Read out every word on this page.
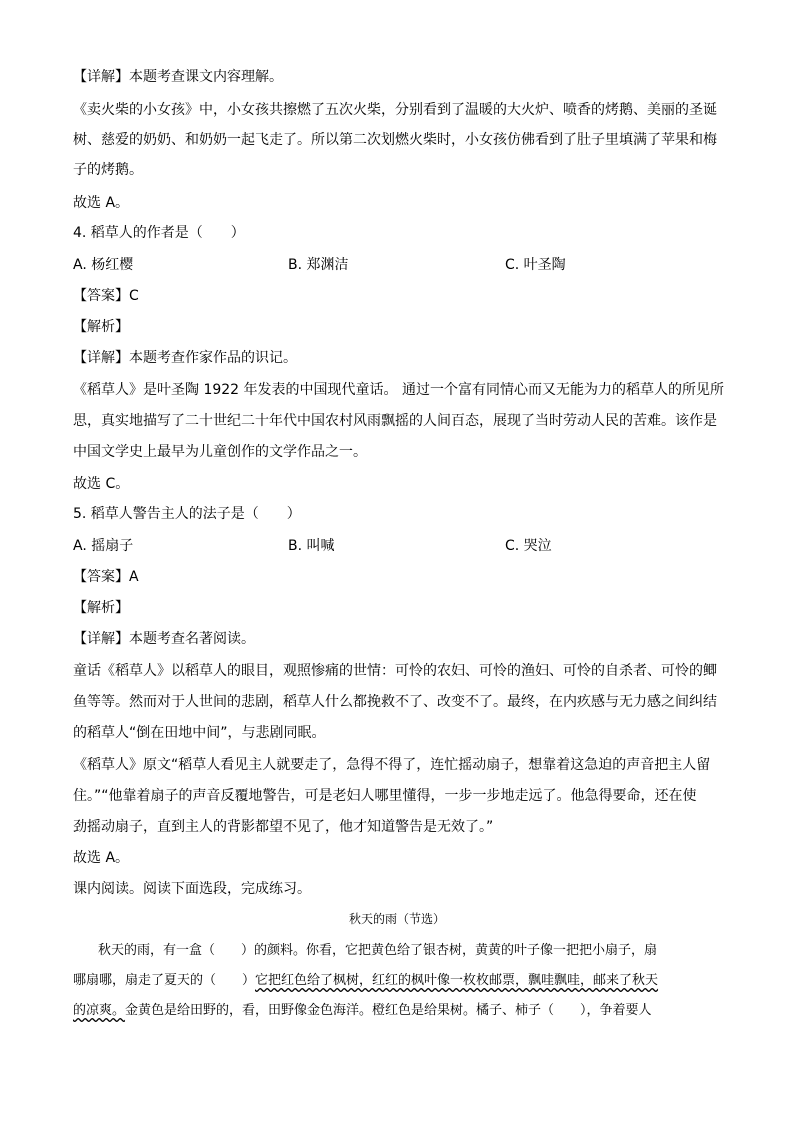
【详解】本题考查课文内容理解。
《卖火柴的小女孩》中，小女孩共擦燃了五次火柴，分别看到了温暖的大火炉、喷香的烤鹅、美丽的圣诞
树、慈爱的奶奶、和奶奶一起飞走了。所以第二次划燃火柴时，小女孩仿佛看到了肚子里填满了苹果和梅
子的烤鹅。
故选 A。
4. 稻草人的作者是（　　）
A. 杨红樱	B. 郑渊洁	C. 叶圣陶
【答案】C
【解析】
【详解】本题考查作家作品的识记。
《稻草人》是叶圣陶 1922 年发表的中国现代童话。 通过一个富有同情心而又无能为力的稻草人的所见所
思，真实地描写了二十世纪二十年代中国农村风雨飘摇的人间百态，展现了当时劳动人民的苦难。该作是
中国文学史上最早为儿童创作的文学作品之一。
故选 C。
5. 稻草人警告主人的法子是（　　）
A. 摇扇子	B. 叫喊	C. 哭泣
【答案】A
【解析】
【详解】本题考查名著阅读。
童话《稻草人》以稻草人的眼目，观照惨痛的世情：可怜的农妇、可怜的渔妇、可怜的自杀者、可怜的鲫
鱼等等。然而对于人世间的悲剧，稻草人什么都挽救不了、改变不了。最终，在内疚感与无力感之间纠结
的稻草人“倒在田地中间”，与悲剧同眠。
《稻草人》原文“稻草人看见主人就要走了，急得不得了，连忙摇动扇子，想靠着这急迫的声音把主人留
住。”“他靠着扇子的声音反覆地警告，可是老妇人哪里懂得，一步一步地走远了。他急得要命，还在使
劲摇动扇子，直到主人的背影都望不见了，他才知道警告是无效了。”
故选 A。
课内阅读。阅读下面选段，完成练习。
秋天的雨（节选）
秋天的雨，有一盒（　　）的颜料。你看，它把黄色给了银杏树，黄黄的叶子像一把把小扇子，扇
哪扇哪，扇走了夏天的（　　）它把红色给了枫树，红红的枫叶像一枚枚邮票，飘哇飘哇，邮来了秋天
的凉爽。金黄色是给田野的，看，田野像金色海洋。橙红色是给果树。橘子、柿子（　　），争着要人
